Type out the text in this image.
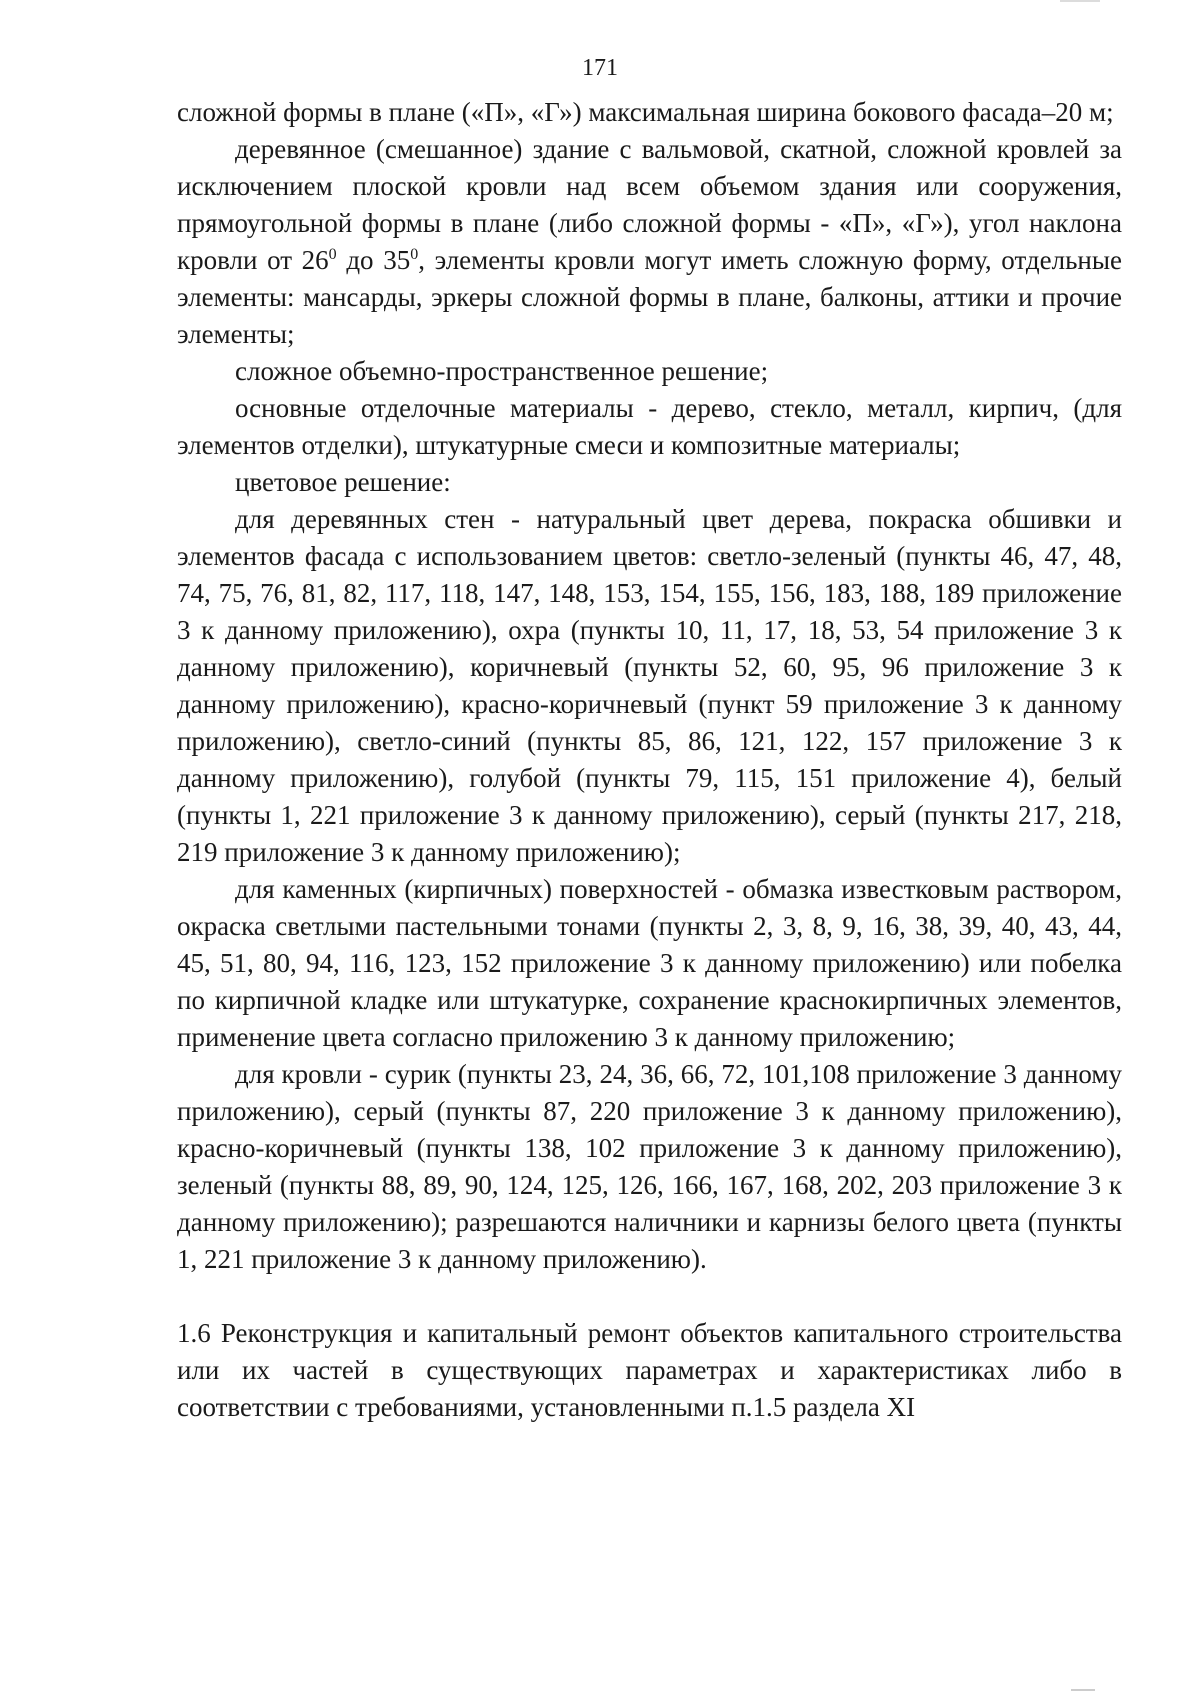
171

сложной формы в плане («П», «Г») максимальная ширина бокового фасада–20 м;

деревянное (смешанное) здание с вальмовой, скатной, сложной кровлей за исключением плоской кровли над всем объемом здания или сооружения, прямоугольной формы в плане (либо сложной формы - «П», «Г»), угол наклона кровли от $26^0$ до $35^0$, элементы кровли могут иметь сложную форму, отдельные элементы: мансарды, эркеры сложной формы в плане, балконы, аттики и прочие элементы;

сложное объемно-пространственное решение;

основные отделочные материалы - дерево, стекло, металл, кирпич, (для элементов отделки), штукатурные смеси и композитные материалы;

цветовое решение:

для деревянных стен - натуральный цвет дерева, покраска обшивки и элементов фасада с использованием цветов: светло-зеленый (пункты 46, 47, 48, 74, 75, 76, 81, 82, 117, 118, 147, 148, 153, 154, 155, 156, 183, 188, 189 приложение 3 к данному приложению), охра (пункты 10, 11, 17, 18, 53, 54 приложение 3 к данному приложению), коричневый (пункты 52, 60, 95, 96 приложение 3 к данному приложению), красно-коричневый (пункт 59 приложение 3 к данному приложению), светло-синий (пункты 85, 86, 121, 122, 157 приложение 3 к данному приложению), голубой (пункты 79, 115, 151 приложение 4), белый (пункты 1, 221 приложение 3 к данному приложению), серый (пункты 217, 218, 219 приложение 3 к данному приложению);

для каменных (кирпичных) поверхностей - обмазка известковым раствором, окраска светлыми пастельными тонами (пункты 2, 3, 8, 9, 16, 38, 39, 40, 43, 44, 45, 51, 80, 94, 116, 123, 152 приложение 3 к данному приложению) или побелка по кирпичной кладке или штукатурке, сохранение краснокирпичных элементов, применение цвета согласно приложению 3 к данному приложению;

для кровли - сурик (пункты 23, 24, 36, 66, 72, 101,108 приложение 3 данному приложению), серый (пункты 87, 220 приложение 3 к данному приложению), красно-коричневый (пункты 138, 102 приложение 3 к данному приложению), зеленый (пункты 88, 89, 90, 124, 125, 126, 166, 167, 168, 202, 203 приложение 3 к данному приложению); разрешаются наличники и карнизы белого цвета (пункты 1, 221 приложение 3 к данному приложению).

1.6 Реконструкция и капитальный ремонт объектов капитального строительства или их частей в существующих параметрах и характеристиках либо в соответствии с требованиями, установленными п.1.5 раздела XI
